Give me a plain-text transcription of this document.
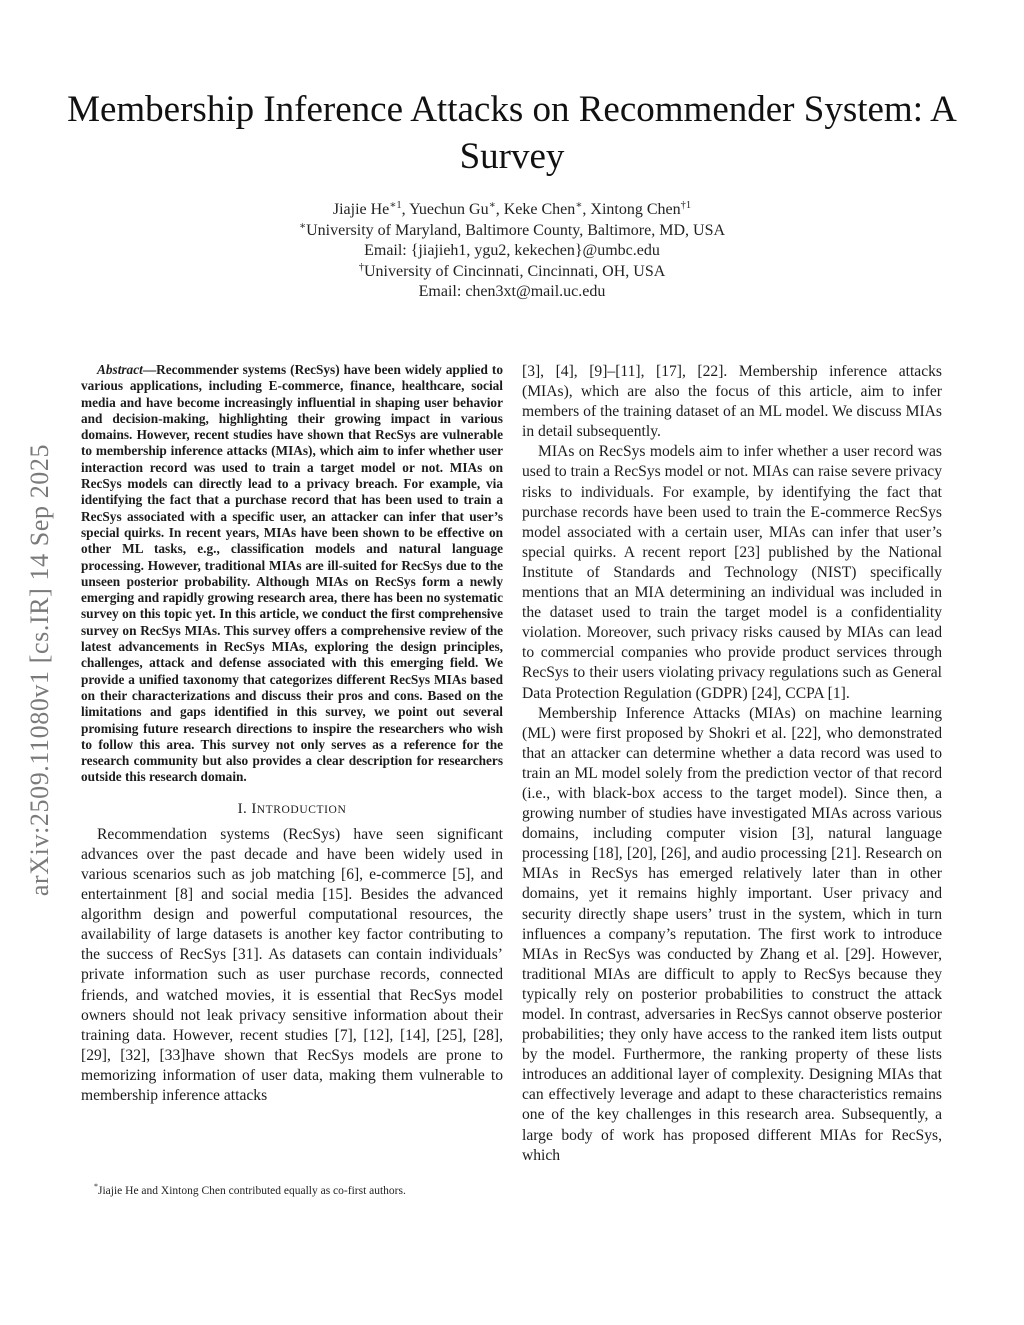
arXiv:2509.11080v1 [cs.IR] 14 Sep 2025
Membership Inference Attacks on Recommender System: A Survey
Jiajie $He^{∗1}$, Yuechun Gu∗, Keke Chen∗, Xintong Chen$^{\dagger 1}$
∗University of Maryland, Baltimore County, Baltimore, MD, USA
Email: {jiajieh1, ygu2, kekechen}@umbc.edu
†University of Cincinnati, Cincinnati, OH, USA
Email: chen3xt@mail.uc.edu

Abstract—Recommender systems (RecSys) have been widely applied to various applications, including E-commerce, finance, healthcare, social media and have become increasingly influential in shaping user behavior and decision-making, highlighting their growing impact in various domains. However, recent studies have shown that RecSys are vulnerable to membership inference attacks (MIAs), which aim to infer whether user interaction record was used to train a target model or not. MIAs on RecSys models can directly lead to a privacy breach. For example, via identifying the fact that a purchase record that has been used to train a RecSys associated with a specific user, an attacker can infer that user’s special quirks. In recent years, MIAs have been shown to be effective on other ML tasks, e.g., classification models and natural language processing. However, traditional MIAs are ill-suited for RecSys due to the unseen posterior probability. Although MIAs on RecSys form a newly emerging and rapidly growing research area, there has been no systematic survey on this topic yet. In this article, we conduct the first comprehensive survey on RecSys MIAs. This survey offers a comprehensive review of the latest advancements in RecSys MIAs, exploring the design principles, challenges, attack and defense associated with this emerging field. We provide a unified taxonomy that categorizes different RecSys MIAs based on their characterizations and discuss their pros and cons. Based on the limitations and gaps identified in this survey, we point out several promising future research directions to inspire the researchers who wish to follow this area. This survey not only serves as a reference for the research community but also provides a clear description for researchers outside this research domain.

I. INTRODUCTION

Recommendation systems (RecSys) have seen significant advances over the past decade and have been widely used in various scenarios such as job matching [6], e-commerce [5], and entertainment [8] and social media [15]. Besides the advanced algorithm design and powerful computational resources, the availability of large datasets is another key factor contributing to the success of RecSys [31]. As datasets can contain individuals’ private information such as user purchase records, connected friends, and watched movies, it is essential that RecSys model owners should not leak privacy sensitive information about their training data. However, recent studies [7], [12], [14], [25], [28], [29], [32], [33]have shown that RecSys models are prone to memorizing information of user data, making them vulnerable to membership inference attacks

[3], [4], [9]–[11], [17], [22]. Membership inference attacks (MIAs), which are also the focus of this article, aim to infer members of the training dataset of an ML model. We discuss MIAs in detail subsequently.

MIAs on RecSys models aim to infer whether a user record was used to train a RecSys model or not. MIAs can raise severe privacy risks to individuals. For example, by identifying the fact that purchase records have been used to train the E-commerce RecSys model associated with a certain user, MIAs can infer that user’s special quirks. A recent report [23] published by the National Institute of Standards and Technology (NIST) specifically mentions that an MIA determining an individual was included in the dataset used to train the target model is a confidentiality violation. Moreover, such privacy risks caused by MIAs can lead to commercial companies who provide product services through RecSys to their users violating privacy regulations such as General Data Protection Regulation (GDPR) [24], CCPA [1].

Membership Inference Attacks (MIAs) on machine learning (ML) were first proposed by Shokri et al. [22], who demonstrated that an attacker can determine whether a data record was used to train an ML model solely from the prediction vector of that record (i.e., with black-box access to the target model). Since then, a growing number of studies have investigated MIAs across various domains, including computer vision [3], natural language processing [18], [20], [26], and audio processing [21]. Research on MIAs in RecSys has emerged relatively later than in other domains, yet it remains highly important. User privacy and security directly shape users’ trust in the system, which in turn influences a company’s reputation. The first work to introduce MIAs in RecSys was conducted by Zhang et al. [29]. However, traditional MIAs are difficult to apply to RecSys because they typically rely on posterior probabilities to construct the attack model. In contrast, adversaries in RecSys cannot observe posterior probabilities; they only have access to the ranked item lists output by the model. Furthermore, the ranking property of these lists introduces an additional layer of complexity. Designing MIAs that can effectively leverage and adapt to these characteristics remains one of the key challenges in this research area. Subsequently, a large body of work has proposed different MIAs for RecSys, which

*Jiajie He and Xintong Chen contributed equally as co-first authors.
